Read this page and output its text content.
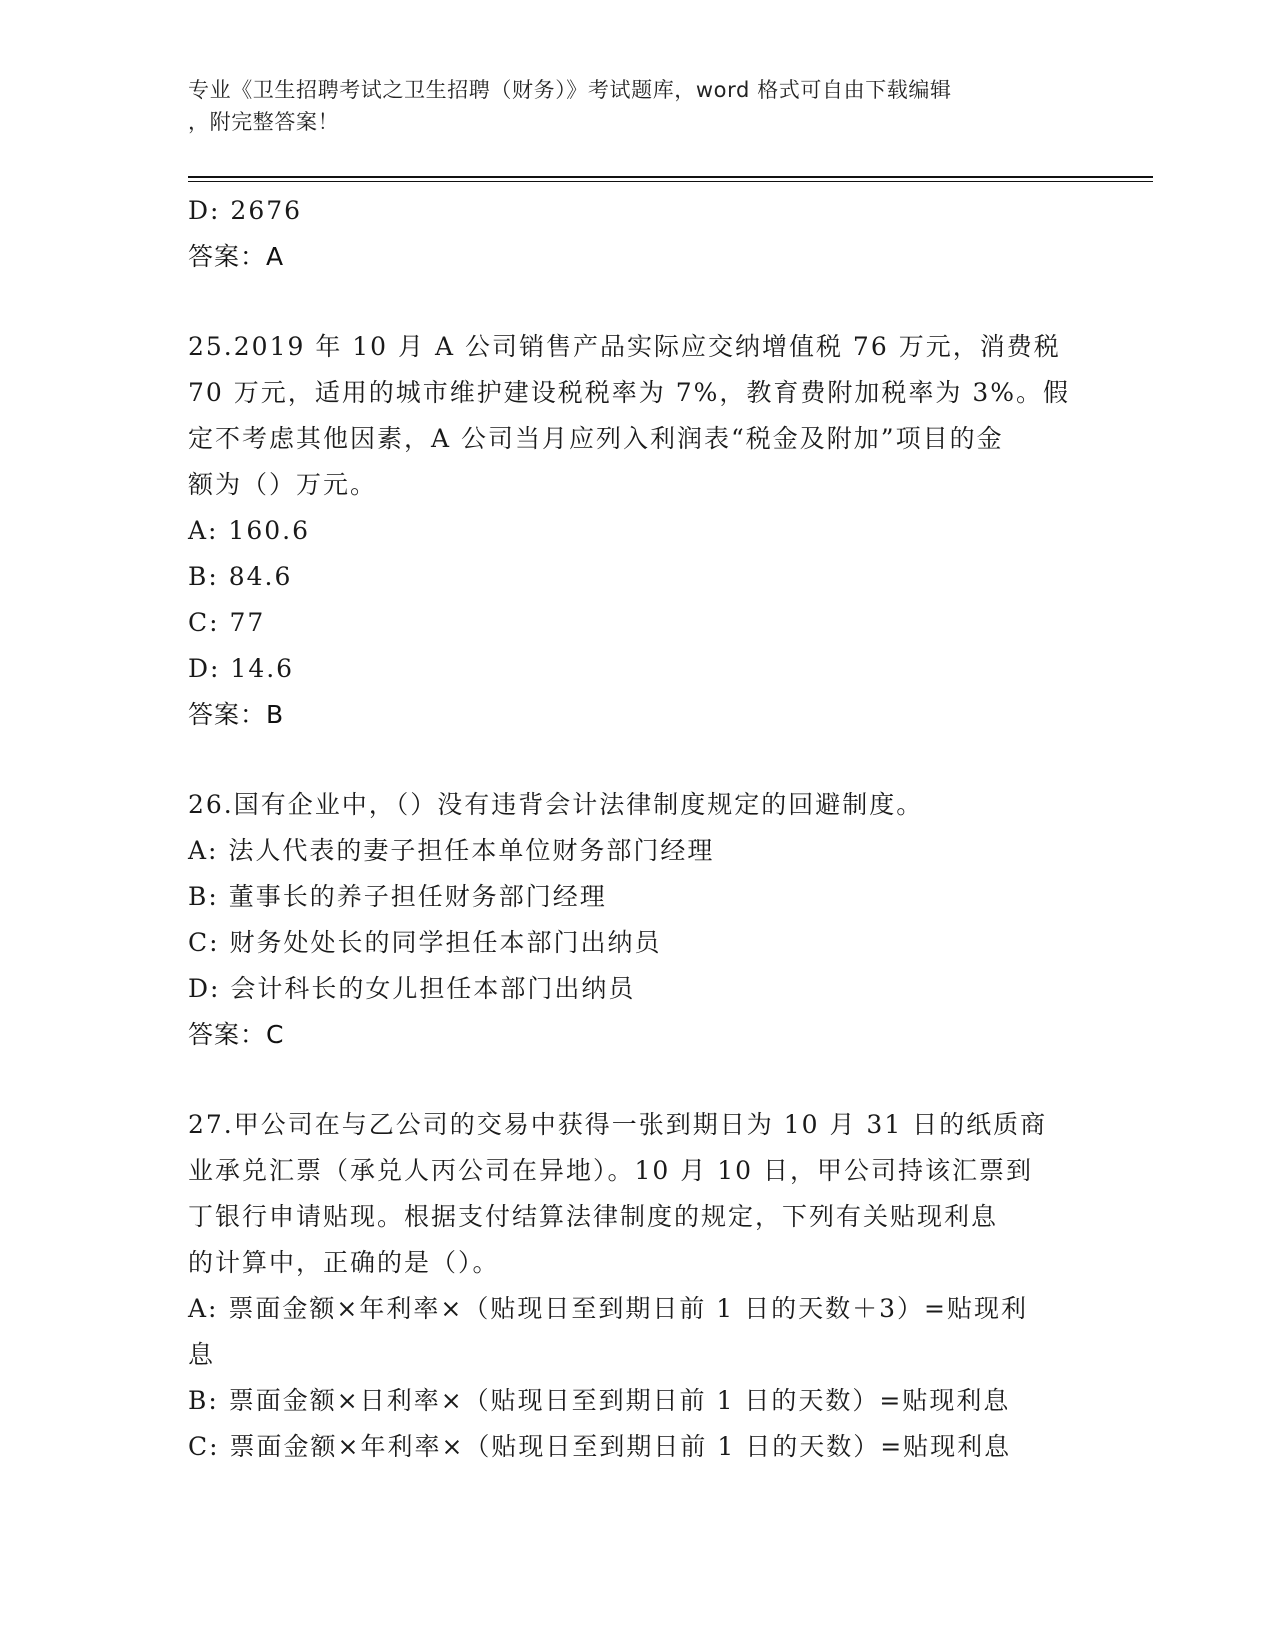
专业《卫生招聘考试之卫生招聘（财务）》考试题库，word 格式可自由下载编辑
，附完整答案！
D: 2676
答案：A
25.2019 年 10 月 A 公司销售产品实际应交纳增值税 76 万元，消费税
70 万元，适用的城市维护建设税税率为 7%，教育费附加税率为 3%。假
定不考虑其他因素，A 公司当月应列入利润表“税金及附加”项目的金
额为（）万元。
A: 160.6
B: 84.6
C: 77
D: 14.6
答案：B
26.国有企业中，（）没有违背会计法律制度规定的回避制度。
A: 法人代表的妻子担任本单位财务部门经理
B: 董事长的养子担任财务部门经理
C: 财务处处长的同学担任本部门出纳员
D: 会计科长的女儿担任本部门出纳员
答案：C
27.甲公司在与乙公司的交易中获得一张到期日为 10 月 31 日的纸质商
业承兑汇票（承兑人丙公司在异地）。10 月 10 日，甲公司持该汇票到
丁银行申请贴现。根据支付结算法律制度的规定，下列有关贴现利息
的计算中，正确的是（）。
A: 票面金额×年利率×（贴现日至到期日前 1 日的天数＋3）=贴现利
息
B: 票面金额×日利率×（贴现日至到期日前 1 日的天数）=贴现利息
C: 票面金额×年利率×（贴现日至到期日前 1 日的天数）=贴现利息
